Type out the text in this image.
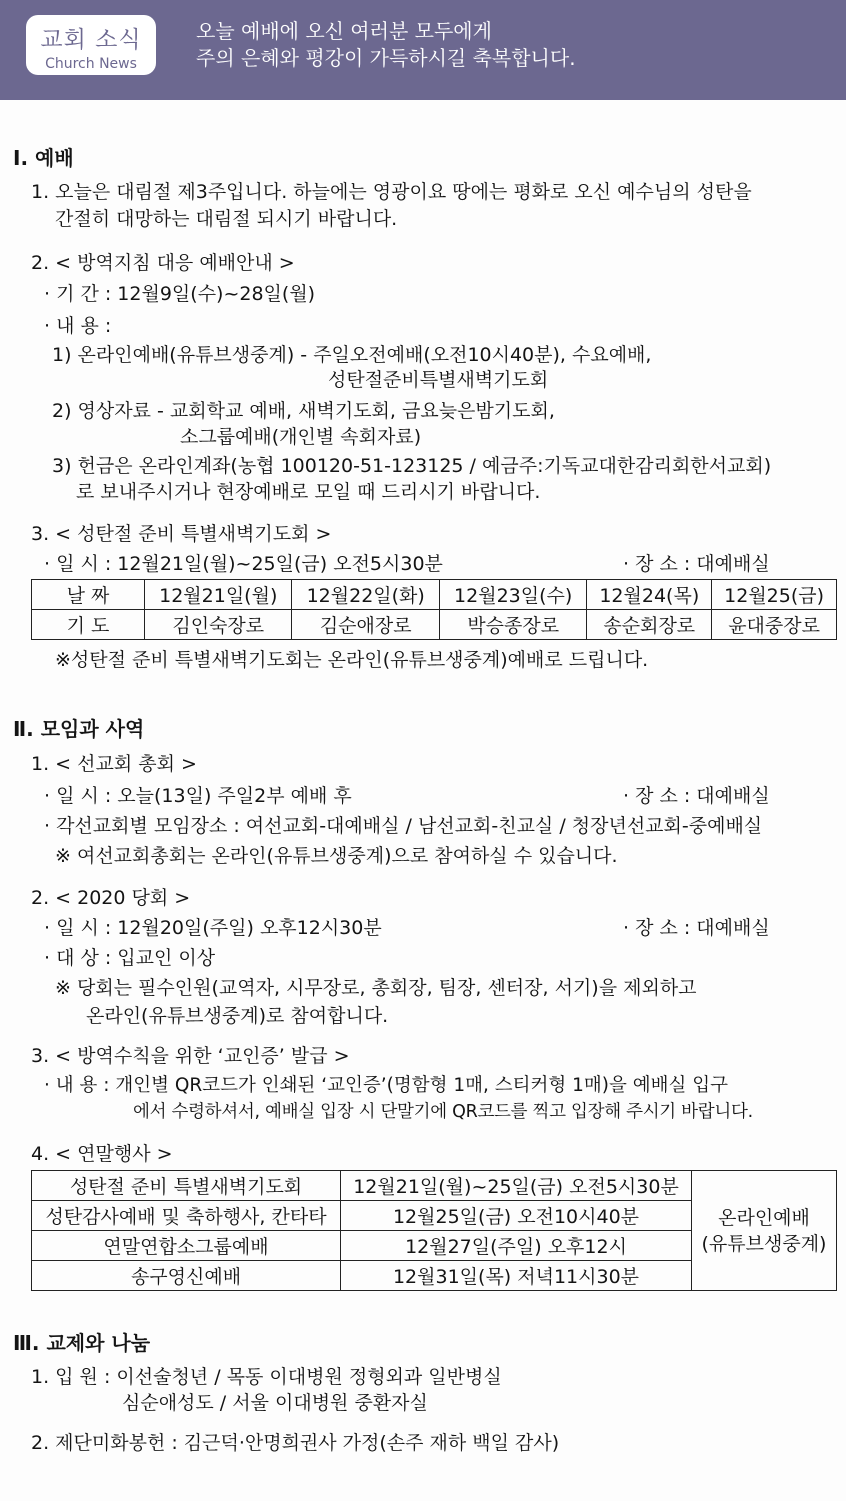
교회 소식
Church News
오늘 예배에 오신 여러분 모두에게
주의 은혜와 평강이 가득하시길 축복합니다.
Ⅰ. 예배
1. 오늘은 대림절 제3주입니다. 하늘에는 영광이요 땅에는 평화로 오신 예수님의 성탄을
간절히 대망하는 대림절 되시기 바랍니다.
2. < 방역지침 대응 예배안내 >
· 기 간 : 12월9일(수)~28일(월)
· 내 용 :
1) 온라인예배(유튜브생중계) - 주일오전예배(오전10시40분), 수요예배,
성탄절준비특별새벽기도회
2) 영상자료 - 교회학교 예배, 새벽기도회, 금요늦은밤기도회,
소그룹예배(개인별 속회자료)
3) 헌금은 온라인계좌(농협 100120-51-123125 / 예금주:기독교대한감리회한서교회)
로 보내주시거나 현장예배로 모일 때 드리시기 바랍니다.
3. < 성탄절 준비 특별새벽기도회 >
· 일 시 : 12월21일(월)~25일(금) 오전5시30분	· 장 소 : 대예배실
날 짜	12월21일(월)	12월22일(화)	12월23일(수)	12월24(목)	12월25(금)
기 도	김인숙장로	김순애장로	박승종장로	송순회장로	윤대중장로
※성탄절 준비 특별새벽기도회는 온라인(유튜브생중계)예배로 드립니다.
Ⅱ. 모임과 사역
1. < 선교회 총회 >
· 일 시 : 오늘(13일) 주일2부 예배 후	· 장 소 : 대예배실
· 각선교회별 모임장소 : 여선교회-대예배실 / 남선교회-친교실 / 청장년선교회-중예배실
※ 여선교회총회는 온라인(유튜브생중계)으로 참여하실 수 있습니다.
2. < 2020 당회 >
· 일 시 : 12월20일(주일) 오후12시30분	· 장 소 : 대예배실
· 대 상 : 입교인 이상
※ 당회는 필수인원(교역자, 시무장로, 총회장, 팀장, 센터장, 서기)을 제외하고
온라인(유튜브생중계)로 참여합니다.
3. < 방역수칙을 위한 ‘교인증’ 발급 >
· 내 용 : 개인별 QR코드가 인쇄된 ‘교인증’(명함형 1매, 스티커형 1매)을 예배실 입구
에서 수령하셔서, 예배실 입장 시 단말기에 QR코드를 찍고 입장해 주시기 바랍니다.
4. < 연말행사 >
성탄절 준비 특별새벽기도회	12월21일(월)~25일(금) 오전5시30분	온라인예배
(유튜브생중계)

성탄감사예배 및 축하행사, 칸타타	12월25일(금) 오전10시40분	
연말연합소그룹예배	12월27일(주일) 오후12시	
송구영신예배	12월31일(목) 저녁11시30분	
Ⅲ. 교제와 나눔
1. 입 원 : 이선술청년 / 목동 이대병원 정형외과 일반병실
심순애성도 / 서울 이대병원 중환자실
2. 제단미화봉헌 : 김근덕·안명희권사 가정(손주 재하 백일 감사)
